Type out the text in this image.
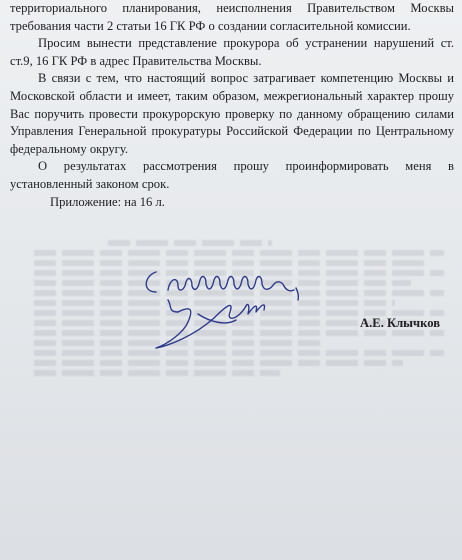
территориального планирования, неисполнения Правительством Москвы
требования части 2 статьи 16 ГК РФ о создании согласительной комиссии.
Просим вынести представление прокурора об устранении нарушений ст.
ст.9, 16 ГК РФ в адрес Правительства Москвы.
В связи с тем, что настоящий вопрос затрагивает компетенцию Москвы и
Московской области и имеет, таким образом, межрегиональный характер прошу
Вас поручить провести прокурорскую проверку по данному обращению силами
Управления Генеральной прокуратуры Российской Федерации по Центральному
федеральному округу.
О результатах рассмотрения прошу проинформировать меня в
установленный законом срок.
Приложение: на 16 л.
А.Е. Клычков
